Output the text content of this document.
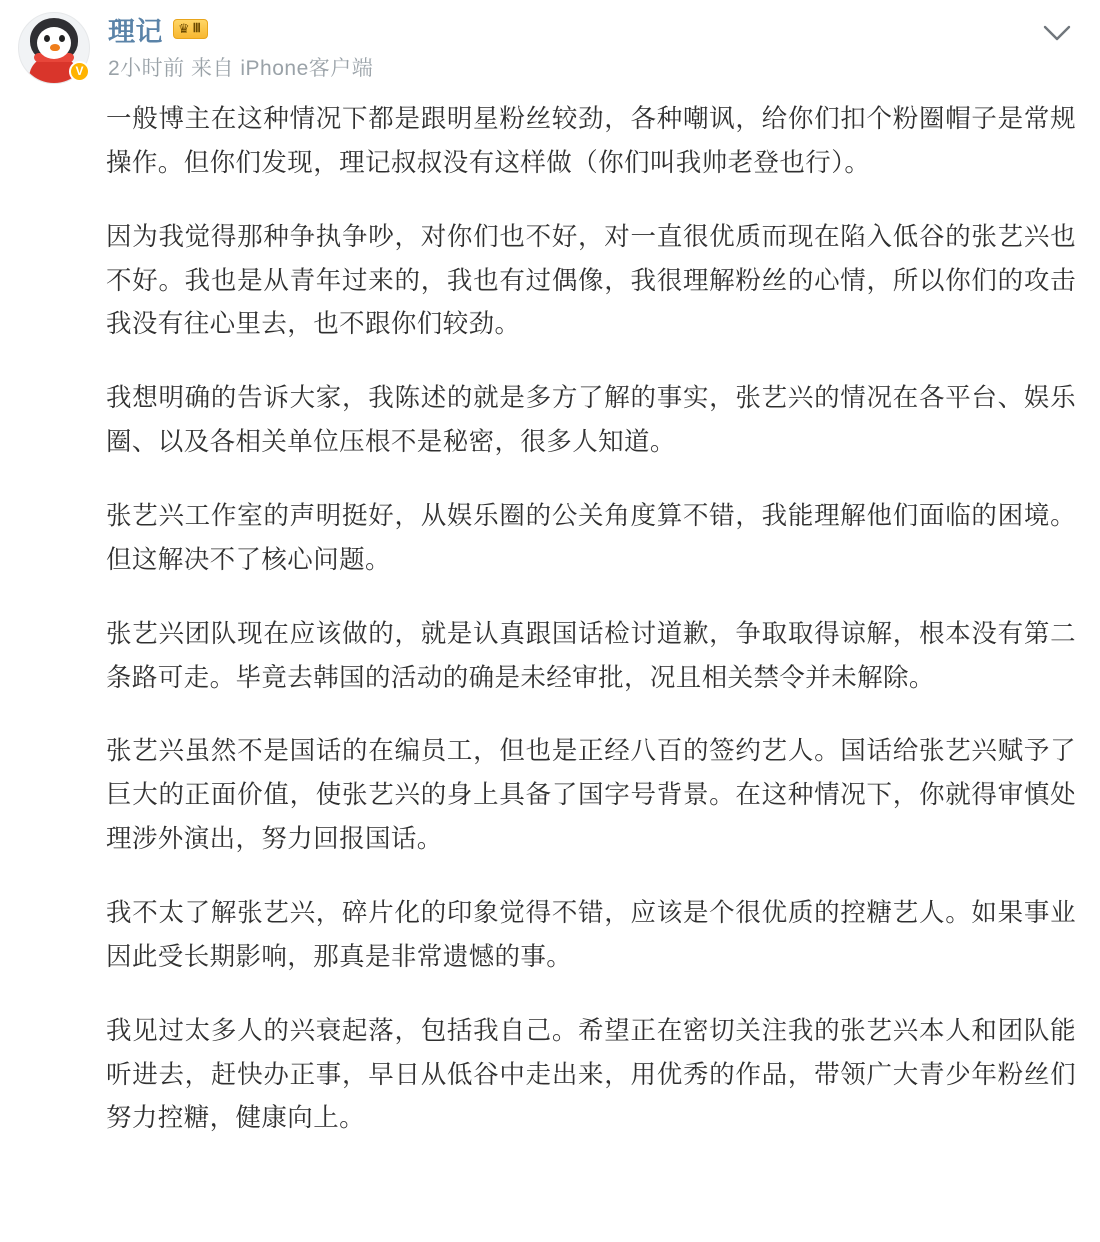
V
理记 ♛ Ⅲ
2小时前 来自 iPhone客户端

一般博主在这种情况下都是跟明星粉丝较劲，各种嘲讽，给你们扣个粉圈帽子是常规操作。但你们发现，理记叔叔没有这样做（你们叫我帅老登也行）。

因为我觉得那种争执争吵，对你们也不好，对一直很优质而现在陷入低谷的张艺兴也不好。我也是从青年过来的，我也有过偶像，我很理解粉丝的心情，所以你们的攻击我没有往心里去，也不跟你们较劲。

我想明确的告诉大家，我陈述的就是多方了解的事实，张艺兴的情况在各平台、娱乐圈、以及各相关单位压根不是秘密，很多人知道。

张艺兴工作室的声明挺好，从娱乐圈的公关角度算不错，我能理解他们面临的困境。但这解决不了核心问题。

张艺兴团队现在应该做的，就是认真跟国话检讨道歉，争取取得谅解，根本没有第二条路可走。毕竟去韩国的活动的确是未经审批，况且相关禁令并未解除。

张艺兴虽然不是国话的在编员工，但也是正经八百的签约艺人。国话给张艺兴赋予了巨大的正面价值，使张艺兴的身上具备了国字号背景。在这种情况下，你就得审慎处理涉外演出，努力回报国话。

我不太了解张艺兴，碎片化的印象觉得不错，应该是个很优质的控糖艺人。如果事业因此受长期影响，那真是非常遗憾的事。

我见过太多人的兴衰起落，包括我自己。希望正在密切关注我的张艺兴本人和团队能听进去，赶快办正事，早日从低谷中走出来，用优秀的作品，带领广大青少年粉丝们努力控糖，健康向上。
